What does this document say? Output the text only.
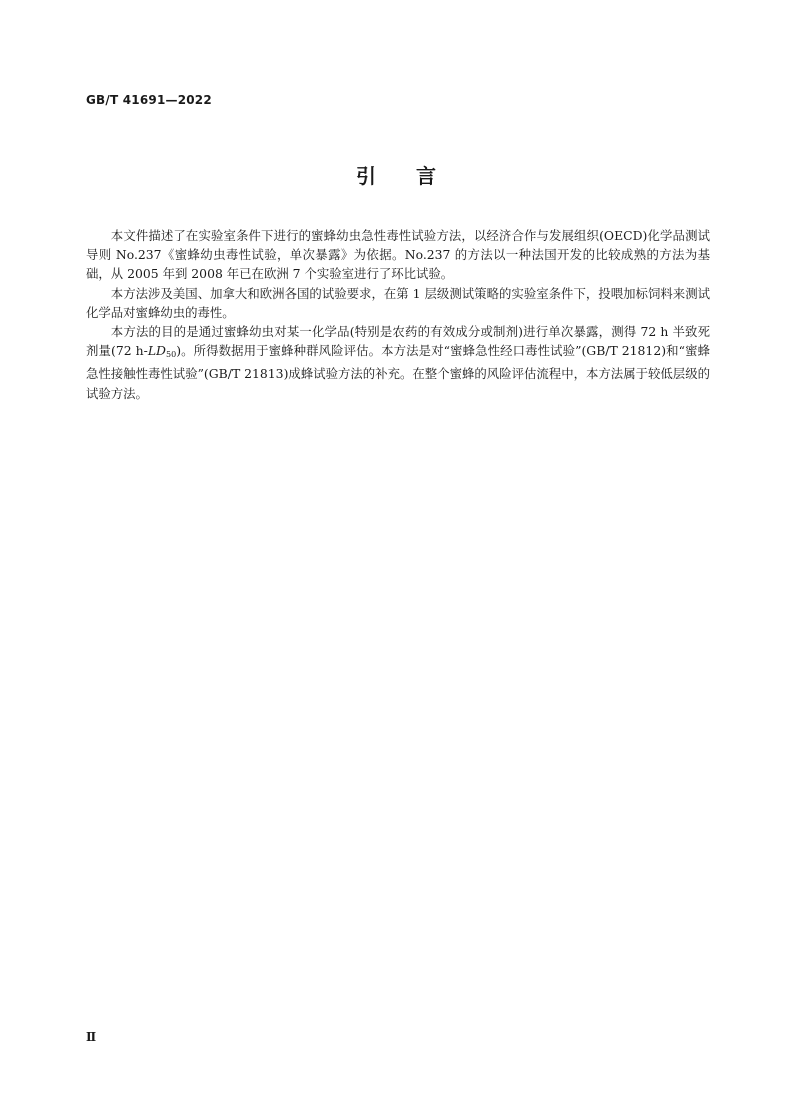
GB/T 41691—2022
引言

本文件描述了在实验室条件下进行的蜜蜂幼虫急性毒性试验方法，以经济合作与发展组织(OECD)化学品测试导则 No.237《蜜蜂幼虫毒性试验，单次暴露》为依据。No.237 的方法以一种法国开发的比较成熟的方法为基础，从 2005 年到 2008 年已在欧洲 7 个实验室进行了环比试验。

本方法涉及美国、加拿大和欧洲各国的试验要求，在第 1 层级测试策略的实验室条件下，投喂加标饲料来测试化学品对蜜蜂幼虫的毒性。

本方法的目的是通过蜜蜂幼虫对某一化学品(特别是农药的有效成分或制剂)进行单次暴露，测得 72 h 半致死剂量(72 $h-LD_{50}$)。所得数据用于蜜蜂种群风险评估。本方法是对“蜜蜂急性经口毒性试验”(GB/T 21812)和“蜜蜂急性接触性毒性试验”(GB/T 21813)成蜂试验方法的补充。在整个蜜蜂的风险评估流程中，本方法属于较低层级的试验方法。

Ⅱ
